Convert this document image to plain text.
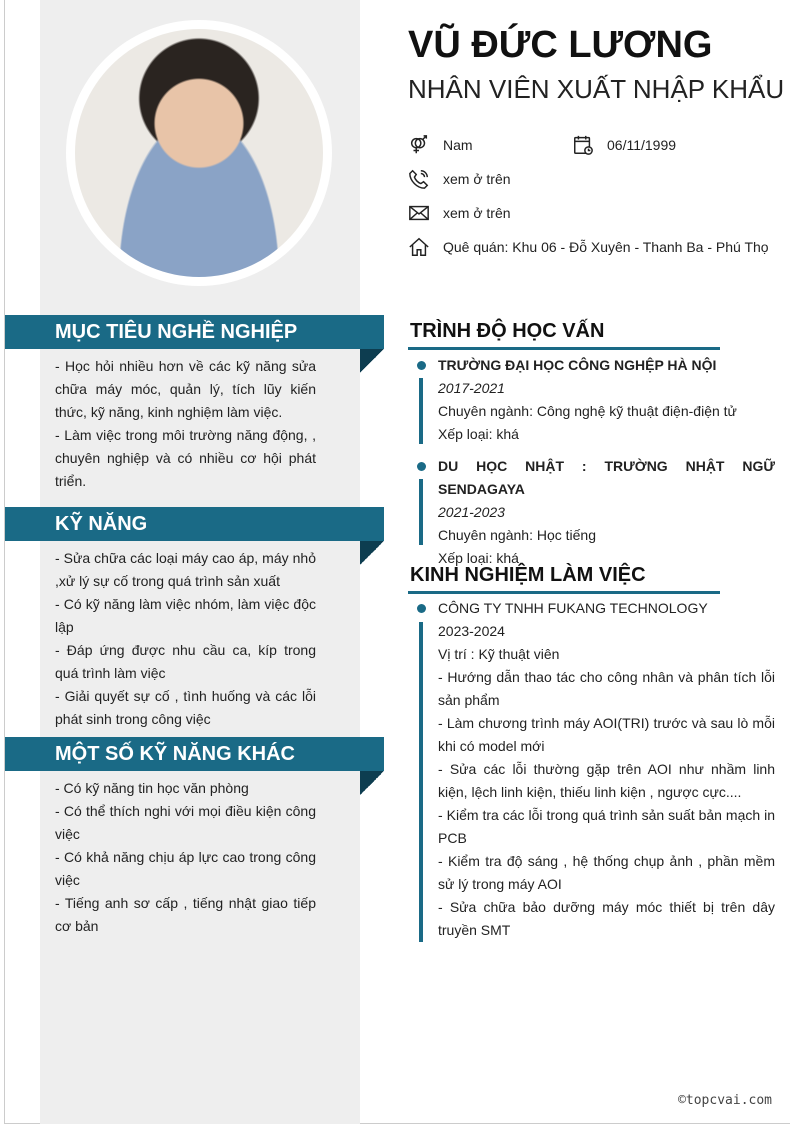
VŨ ĐỨC LƯƠNG
NHÂN VIÊN XUẤT NHẬP KHẨU
Nam	06/11/1999
xem ở trên
xem ở trên
Quê quán: Khu 06 - Đỗ Xuyên - Thanh Ba - Phú Thọ
MỤC TIÊU NGHỀ NGHIỆP
- Học hỏi nhiều hơn về các kỹ năng sửa chữa máy móc, quản lý, tích lũy kiến thức, kỹ năng, kinh nghiệm làm việc.
- Làm việc trong môi trường năng động, , chuyên nghiệp và có nhiều cơ hội phát triển.
KỸ NĂNG
- Sửa chữa các loại máy cao áp, máy nhỏ ,xử lý sự cố trong quá trình sản xuất
- Có kỹ năng làm việc nhóm, làm việc độc lập
- Đáp ứng được nhu cầu ca, kíp trong quá trình làm việc
- Giải quyết sự cố , tình huống và các lỗi phát sinh trong công việc
MỘT SỐ KỸ NĂNG KHÁC
- Có kỹ năng tin học văn phòng
- Có thể thích nghi với mọi điều kiện công việc
- Có khả năng chịu áp lực cao trong công việc
- Tiếng anh sơ cấp , tiếng nhật giao tiếp cơ bản
TRÌNH ĐỘ HỌC VẤN
TRƯỜNG ĐẠI HỌC CÔNG NGHỆP HÀ NỘI
2017-2021
Chuyên ngành: Công nghệ kỹ thuật điện-điện tử
Xếp loại: khá
DU HỌC NHẬT : TRƯỜNG NHẬT NGỮ SENDAGAYA
2021-2023
Chuyên ngành: Học tiếng
Xếp loại: khá
KINH NGHIỆM LÀM VIỆC
CÔNG TY TNHH FUKANG TECHNOLOGY
2023-2024
Vị trí : Kỹ thuật viên
- Hướng dẫn thao tác cho công nhân và phân tích lỗi sản phẩm
- Làm chương trình máy AOI(TRI) trước và sau lò mỗi khi có model mới
- Sửa các lỗi thường gặp trên AOI như nhầm linh kiện, lệch linh kiện, thiếu linh kiện , ngược cực....
- Kiểm tra các lỗi trong quá trình sản suất bản mạch in PCB
- Kiểm tra độ sáng , hệ thống chụp ảnh , phần mềm sử lý trong máy AOI
- Sửa chữa bảo dưỡng máy móc thiết bị trên dây truyền SMT
©topcvai.com
